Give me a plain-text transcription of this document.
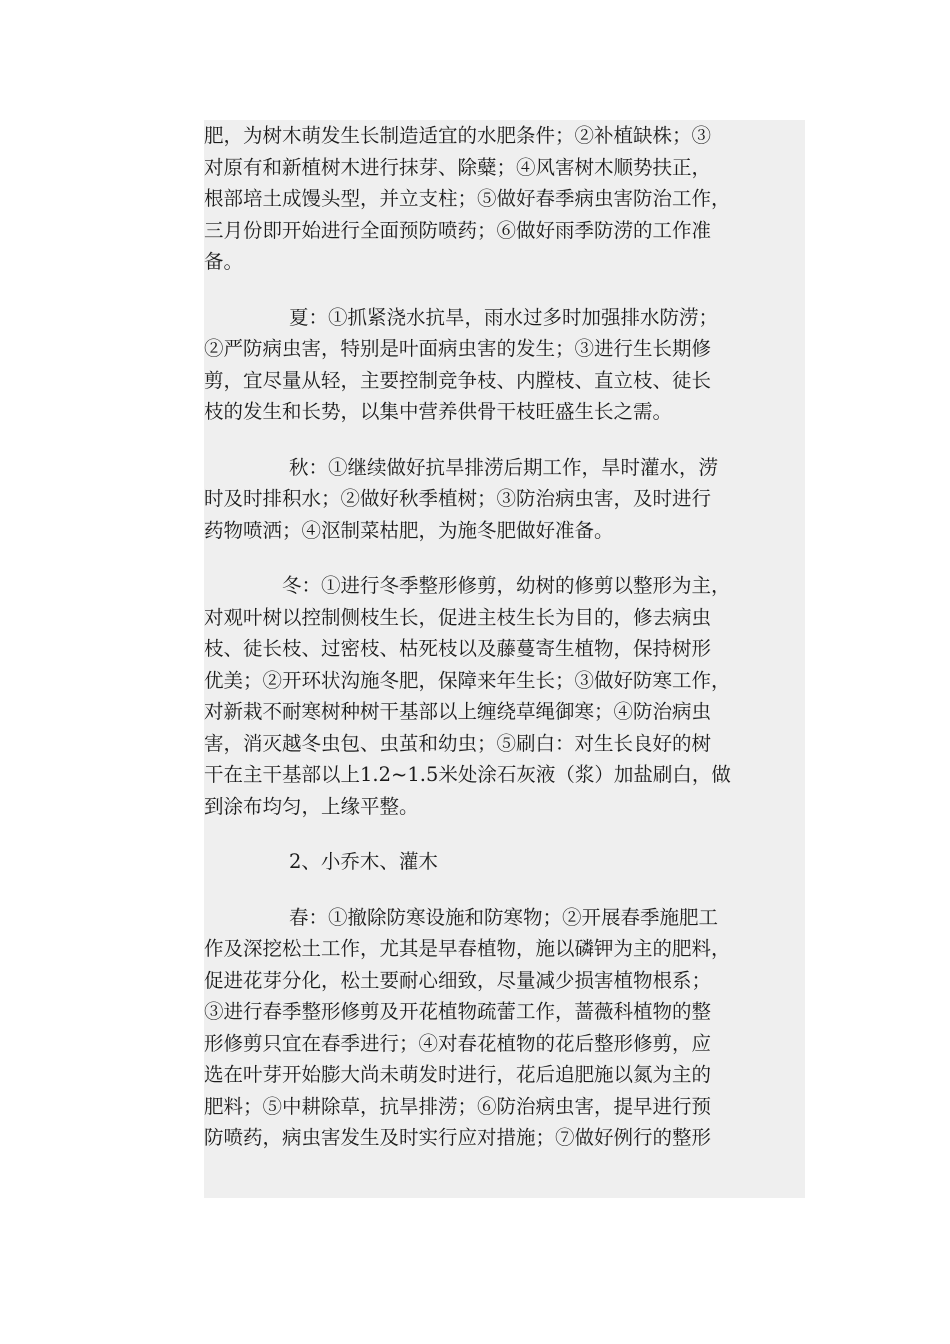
肥，为树木萌发生长制造适宜的水肥条件；②补植缺株；③
对原有和新植树木进行抹芽、除糵；④风害树木顺势扶正，
根部培土成馒头型，并立支柱；⑤做好春季病虫害防治工作，
三月份即开始进行全面预防喷药；⑥做好雨季防涝的工作准
备。
夏：①抓紧浇水抗旱，雨水过多时加强排水防涝；
②严防病虫害，特别是叶面病虫害的发生；③进行生长期修
剪，宜尽量从轻，主要控制竞争枝、内膛枝、直立枝、徒长
枝的发生和长势，以集中营养供骨干枝旺盛生长之需。
秋：①继续做好抗旱排涝后期工作，旱时灌水，涝
时及时排积水；②做好秋季植树；③防治病虫害，及时进行
药物喷洒；④沤制菜枯肥，为施冬肥做好准备。
冬：①进行冬季整形修剪，幼树的修剪以整形为主，
对观叶树以控制侧枝生长，促进主枝生长为目的，修去病虫
枝、徒长枝、过密枝、枯死枝以及藤蔓寄生植物，保持树形
优美；②开环状沟施冬肥，保障来年生长；③做好防寒工作，
对新栽不耐寒树种树干基部以上缠绕草绳御寒；④防治病虫
害，消灭越冬虫包、虫茧和幼虫；⑤刷白：对生长良好的树
干在主干基部以上1.2~1.5米处涂石灰液（浆）加盐刷白，做
到涂布均匀，上缘平整。
2、小乔木、灌木
春：①撤除防寒设施和防寒物；②开展春季施肥工
作及深挖松土工作，尤其是早春植物，施以磷钾为主的肥料，
促进花芽分化，松土要耐心细致，尽量减少损害植物根系；
③进行春季整形修剪及开花植物疏蕾工作，蔷薇科植物的整
形修剪只宜在春季进行；④对春花植物的花后整形修剪，应
选在叶芽开始膨大尚未萌发时进行，花后追肥施以氮为主的
肥料；⑤中耕除草，抗旱排涝；⑥防治病虫害，提早进行预
防喷药，病虫害发生及时实行应对措施；⑦做好例行的整形
